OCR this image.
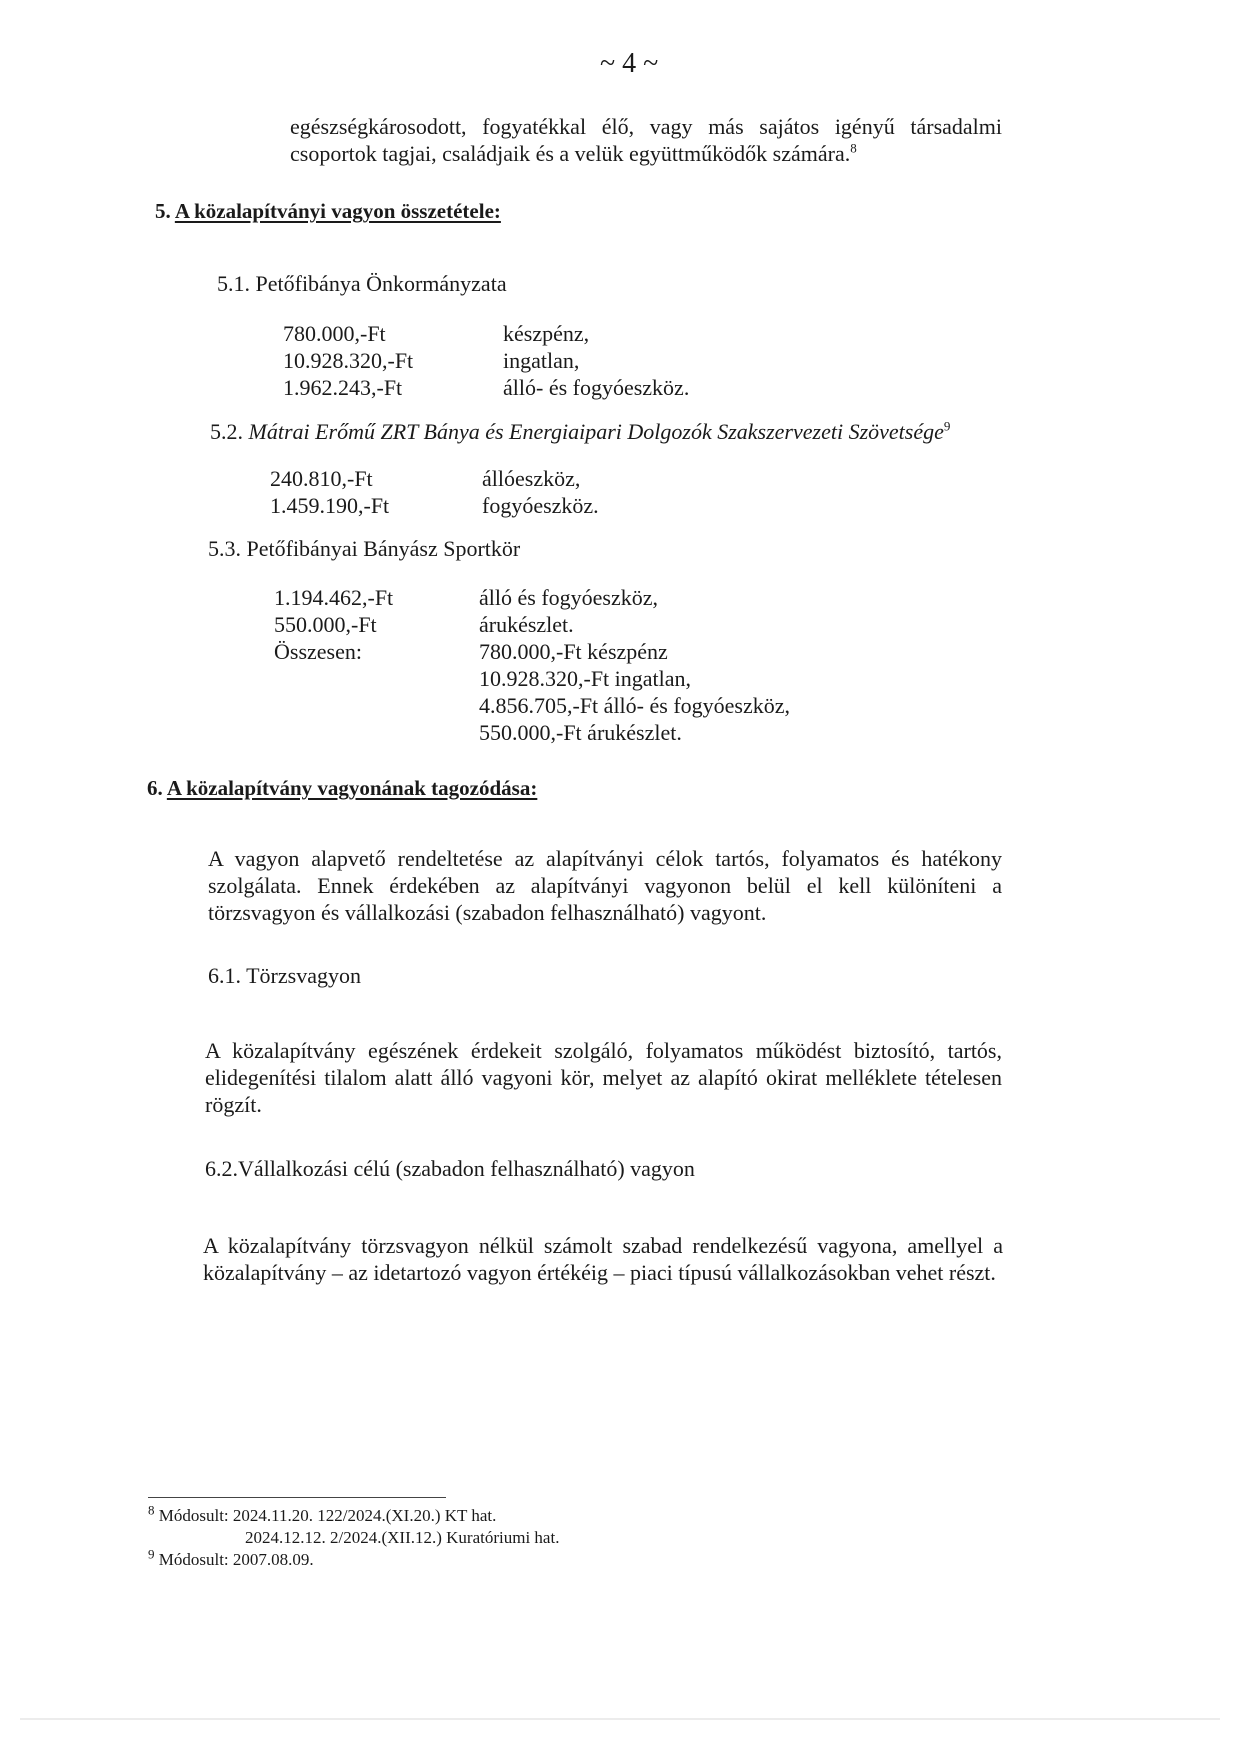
~ 4 ~
egészségkárosodott, fogyatékkal élő, vagy más sajátos igényű társadalmi
csoportok tagjai, családjaik és a velük együttműködők számára.$^8$
5. A közalapítványi vagyon összetétele:
5.1. Petőfibánya Önkormányzata
780.000,-Ft	készpénz,
10.928.320,-Ft	ingatlan,
1.962.243,-Ft	álló- és fogyóeszköz.
5.2. Mátrai Erőmű ZRT Bánya és Energiaipari Dolgozók Szakszervezeti Szövetsége$^9$
240.810,-Ft	állóeszköz,
1.459.190,-Ft	fogyóeszköz.
5.3. Petőfibányai Bányász Sportkör
1.194.462,-Ft	álló és fogyóeszköz,
550.000,-Ft	árukészlet.
Összesen:	780.000,-Ft készpénz
10.928.320,-Ft ingatlan,
4.856.705,-Ft álló- és fogyóeszköz,
550.000,-Ft árukészlet.
6. A közalapítvány vagyonának tagozódása:
A vagyon alapvető rendeltetése az alapítványi célok tartós, folyamatos és hatékony
szolgálata. Ennek érdekében az alapítványi vagyonon belül el kell különíteni a
törzsvagyon és vállalkozási (szabadon felhasználható) vagyont.
6.1. Törzsvagyon
A közalapítvány egészének érdekeit szolgáló, folyamatos működést biztosító, tartós,
elidegenítési tilalom alatt álló vagyoni kör, melyet az alapító okirat melléklete tételesen
rögzít.
6.2.Vállalkozási célú (szabadon felhasználható) vagyon
A közalapítvány törzsvagyon nélkül számolt szabad rendelkezésű vagyona, amellyel a
közalapítvány – az idetartozó vagyon értékéig – piaci típusú vállalkozásokban vehet részt.
$^8$ Módosult: 2024.11.20. 122/2024.(XI.20.) KT hat.
2024.12.12. 2/2024.(XII.12.) Kuratóriumi hat.
$^9$ Módosult: 2007.08.09.
